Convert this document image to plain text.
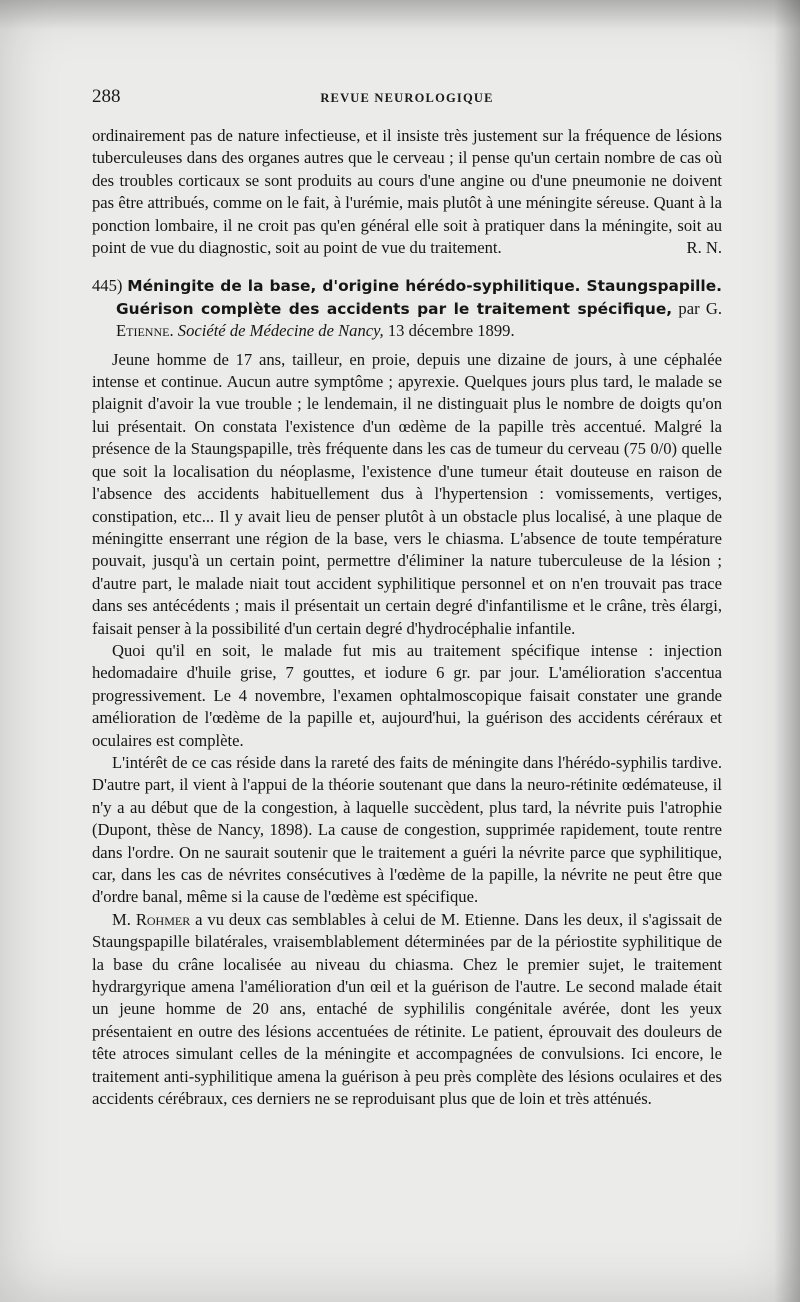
288	REVUE NEUROLOGIQUE

ordinairement pas de nature infectieuse, et il insiste très justement sur la fréquence de lésions tuberculeuses dans des organes autres que le cerveau ; il pense qu'un certain nombre de cas où des troubles corticaux se sont produits au cours d'une angine ou d'une pneumonie ne doivent pas être attribués, comme on le fait, à l'urémie, mais plutôt à une méningite séreuse. Quant à la ponction lombaire, il ne croit pas qu'en général elle soit à pratiquer dans la méningite, soit au point de vue du diagnostic, soit au point de vue du traitement.	R. N.

445) Méningite de la base, d'origine hérédo-syphilitique. Staungspapille. Guérison complète des accidents par le traitement spécifique, par G. Etienne. Société de Médecine de Nancy, 13 décembre 1899.

Jeune homme de 17 ans, tailleur, en proie, depuis une dizaine de jours, à une céphalée intense et continue. Aucun autre symptôme ; apyrexie. Quelques jours plus tard, le malade se plaignit d'avoir la vue trouble ; le lendemain, il ne distinguait plus le nombre de doigts qu'on lui présentait. On constata l'existence d'un œdème de la papille très accentué. Malgré la présence de la Staungspapille, très fréquente dans les cas de tumeur du cerveau (75 0/0) quelle que soit la localisation du néoplasme, l'existence d'une tumeur était douteuse en raison de l'absence des accidents habituellement dus à l'hypertension : vomissements, vertiges, constipation, etc... Il y avait lieu de penser plutôt à un obstacle plus localisé, à une plaque de méningitte enserrant une région de la base, vers le chiasma. L'absence de toute température pouvait, jusqu'à un certain point, permettre d'éliminer la nature tuberculeuse de la lésion ; d'autre part, le malade niait tout accident syphilitique personnel et on n'en trouvait pas trace dans ses antécédents ; mais il présentait un certain degré d'infantilisme et le crâne, très élargi, faisait penser à la possibilité d'un certain degré d'hydrocéphalie infantile.

Quoi qu'il en soit, le malade fut mis au traitement spécifique intense : injection hedomadaire d'huile grise, 7 gouttes, et iodure 6 gr. par jour. L'amélioration s'accentua progressivement. Le 4 novembre, l'examen ophtalmoscopique faisait constater une grande amélioration de l'œdème de la papille et, aujourd'hui, la guérison des accidents céréraux et oculaires est complète.

L'intérêt de ce cas réside dans la rareté des faits de méningite dans l'hérédo-syphilis tardive. D'autre part, il vient à l'appui de la théorie soutenant que dans la neuro-rétinite œdémateuse, il n'y a au début que de la congestion, à laquelle succèdent, plus tard, la névrite puis l'atrophie (Dupont, thèse de Nancy, 1898). La cause de congestion, supprimée rapidement, toute rentre dans l'ordre. On ne saurait soutenir que le traitement a guéri la névrite parce que syphilitique, car, dans les cas de névrites consécutives à l'œdème de la papille, la névrite ne peut être que d'ordre banal, même si la cause de l'œdème est spécifique.

M. Rohmer a vu deux cas semblables à celui de M. Etienne. Dans les deux, il s'agissait de Staungspapille bilatérales, vraisemblablement déterminées par de la périostite syphilitique de la base du crâne localisée au niveau du chiasma. Chez le premier sujet, le traitement hydrargyrique amena l'amélioration d'un œil et la guérison de l'autre. Le second malade était un jeune homme de 20 ans, entaché de syphililis congénitale avérée, dont les yeux présentaient en outre des lésions accentuées de rétinite. Le patient, éprouvait des douleurs de tête atroces simulant celles de la méningite et accompagnées de convulsions. Ici encore, le traitement anti-syphilitique amena la guérison à peu près complète des lésions oculaires et des accidents cérébraux, ces derniers ne se reproduisant plus que de loin et très atténués.
